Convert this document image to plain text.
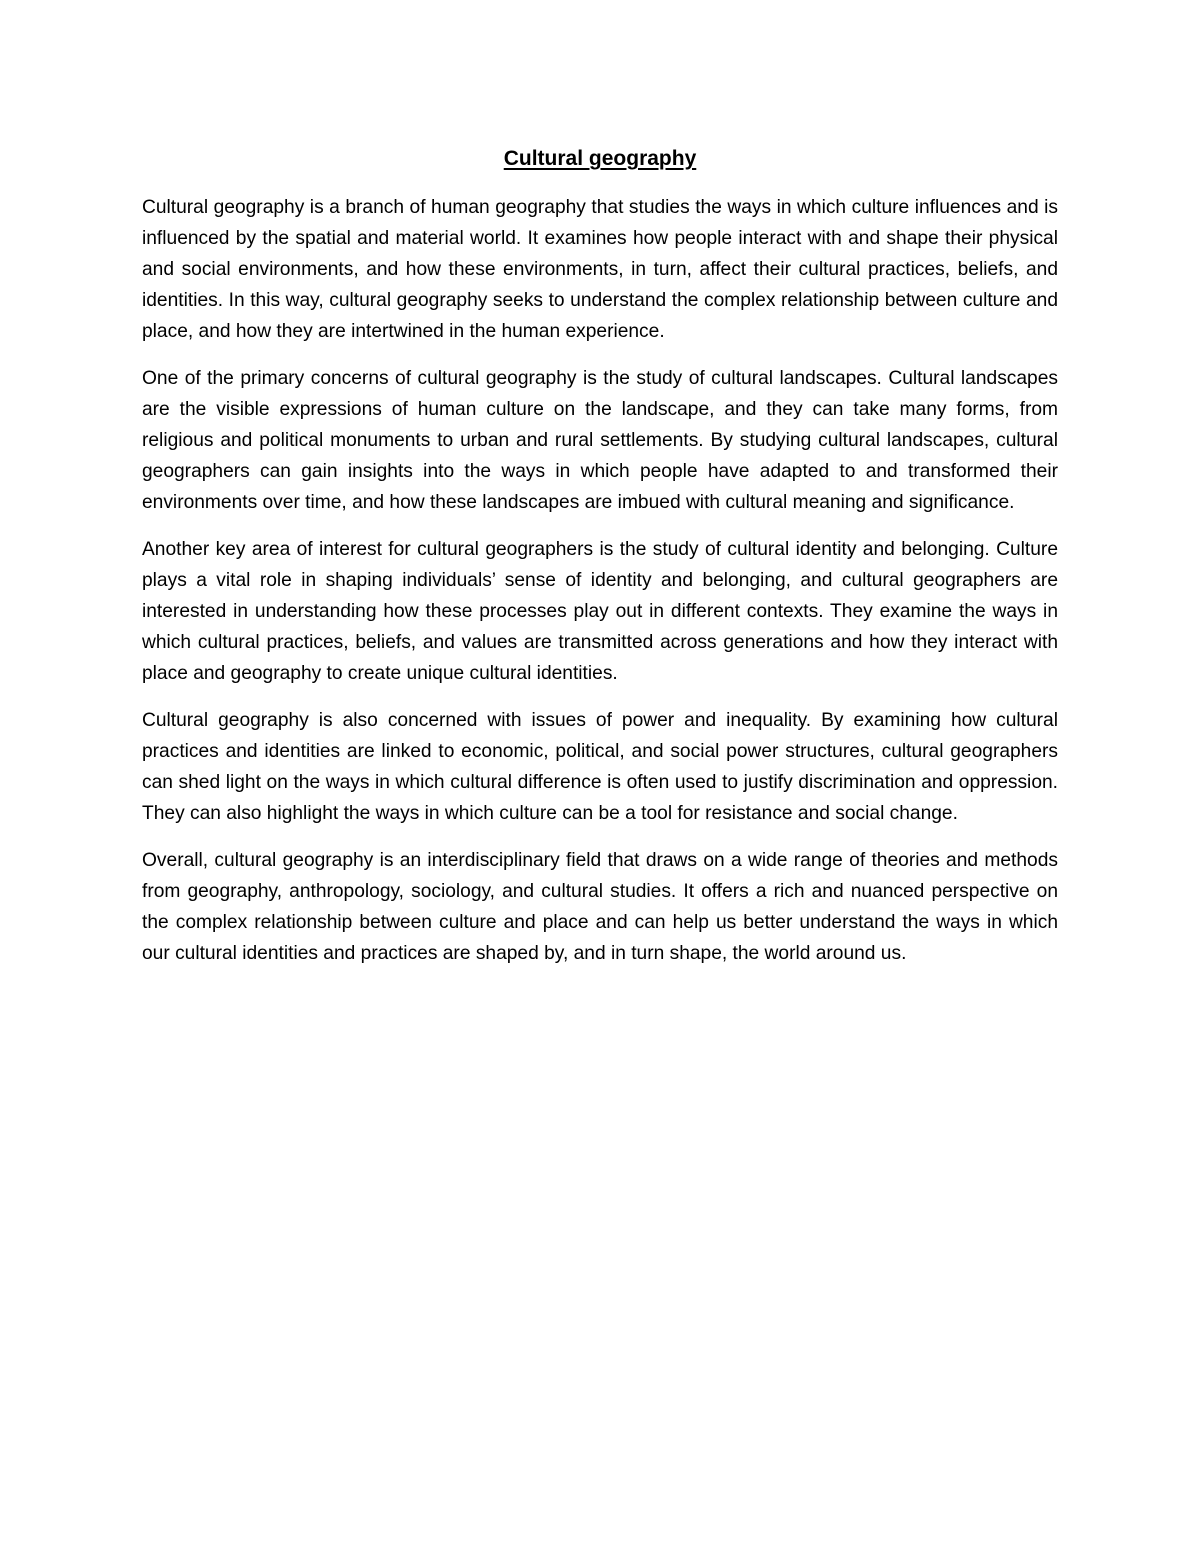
Cultural geography

Cultural geography is a branch of human geography that studies the ways in which culture influences and is influenced by the spatial and material world. It examines how people interact with and shape their physical and social environments, and how these environments, in turn, affect their cultural practices, beliefs, and identities. In this way, cultural geography seeks to understand the complex relationship between culture and place, and how they are intertwined in the human experience.

One of the primary concerns of cultural geography is the study of cultural landscapes. Cultural landscapes are the visible expressions of human culture on the landscape, and they can take many forms, from religious and political monuments to urban and rural settlements. By studying cultural landscapes, cultural geographers can gain insights into the ways in which people have adapted to and transformed their environments over time, and how these landscapes are imbued with cultural meaning and significance.

Another key area of interest for cultural geographers is the study of cultural identity and belonging. Culture plays a vital role in shaping individuals’ sense of identity and belonging, and cultural geographers are interested in understanding how these processes play out in different contexts. They examine the ways in which cultural practices, beliefs, and values are transmitted across generations and how they interact with place and geography to create unique cultural identities.

Cultural geography is also concerned with issues of power and inequality. By examining how cultural practices and identities are linked to economic, political, and social power structures, cultural geographers can shed light on the ways in which cultural difference is often used to justify discrimination and oppression. They can also highlight the ways in which culture can be a tool for resistance and social change.

Overall, cultural geography is an interdisciplinary field that draws on a wide range of theories and methods from geography, anthropology, sociology, and cultural studies. It offers a rich and nuanced perspective on the complex relationship between culture and place and can help us better understand the ways in which our cultural identities and practices are shaped by, and in turn shape, the world around us.
